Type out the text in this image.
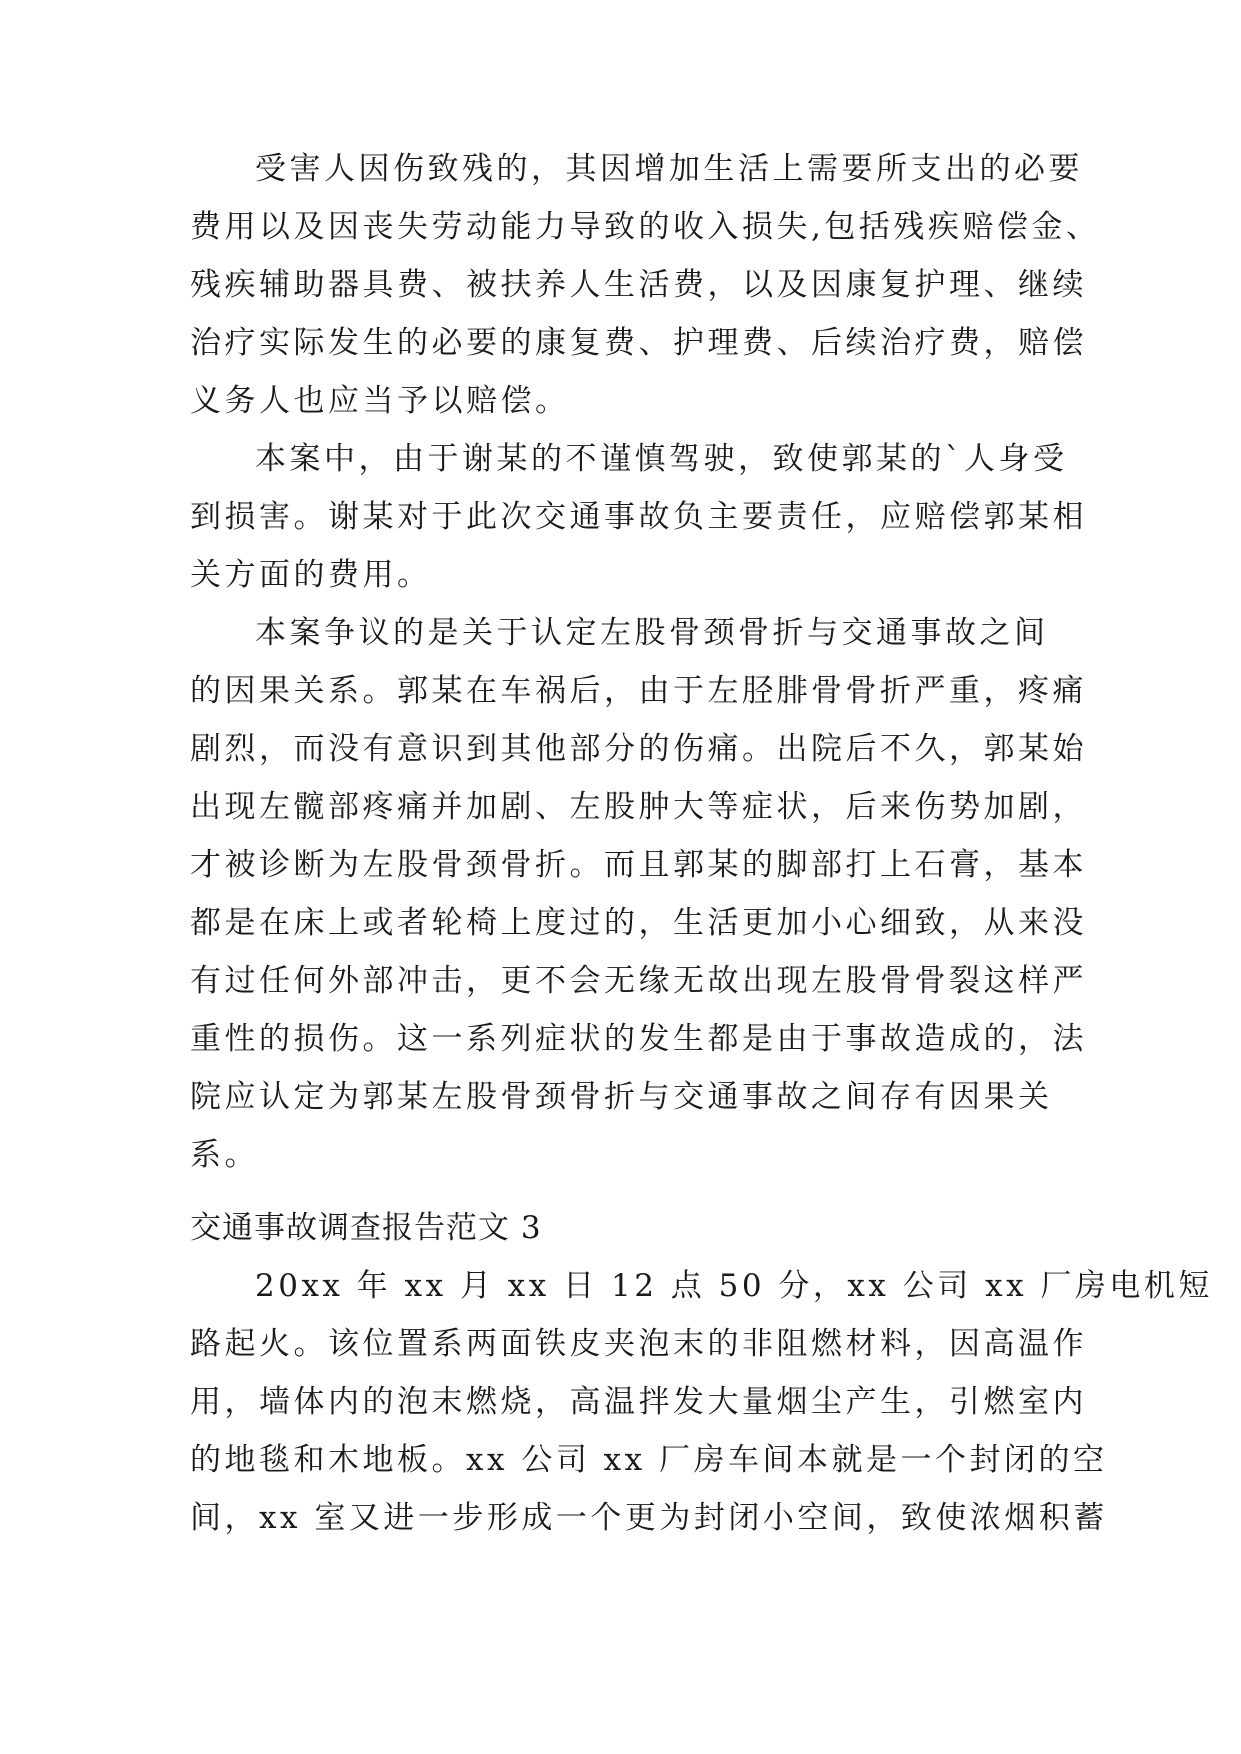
受害人因伤致残的，其因增加生活上需要所支出的必要
费用以及因丧失劳动能力导致的收入损失,包括残疾赔偿金、
残疾辅助器具费、被扶养人生活费，以及因康复护理、继续
治疗实际发生的必要的康复费、护理费、后续治疗费，赔偿
义务人也应当予以赔偿。
本案中，由于谢某的不谨慎驾驶，致使郭某的`人身受
到损害。谢某对于此次交通事故负主要责任，应赔偿郭某相
关方面的费用。
本案争议的是关于认定左股骨颈骨折与交通事故之间
的因果关系。郭某在车祸后，由于左胫腓骨骨折严重，疼痛
剧烈，而没有意识到其他部分的伤痛。出院后不久，郭某始
出现左髋部疼痛并加剧、左股肿大等症状，后来伤势加剧，
才被诊断为左股骨颈骨折。而且郭某的脚部打上石膏，基本
都是在床上或者轮椅上度过的，生活更加小心细致，从来没
有过任何外部冲击，更不会无缘无故出现左股骨骨裂这样严
重性的损伤。这一系列症状的发生都是由于事故造成的，法
院应认定为郭某左股骨颈骨折与交通事故之间存有因果关
系。
交通事故调查报告范文 3
20xx 年 xx 月 xx 日 12 点 50 分，xx 公司 xx 厂房电机短
路起火。该位置系两面铁皮夹泡末的非阻燃材料，因高温作
用，墙体内的泡末燃烧，高温拌发大量烟尘产生，引燃室内
的地毯和木地板。xx 公司 xx 厂房车间本就是一个封闭的空
间，xx 室又进一步形成一个更为封闭小空间，致使浓烟积蓄
